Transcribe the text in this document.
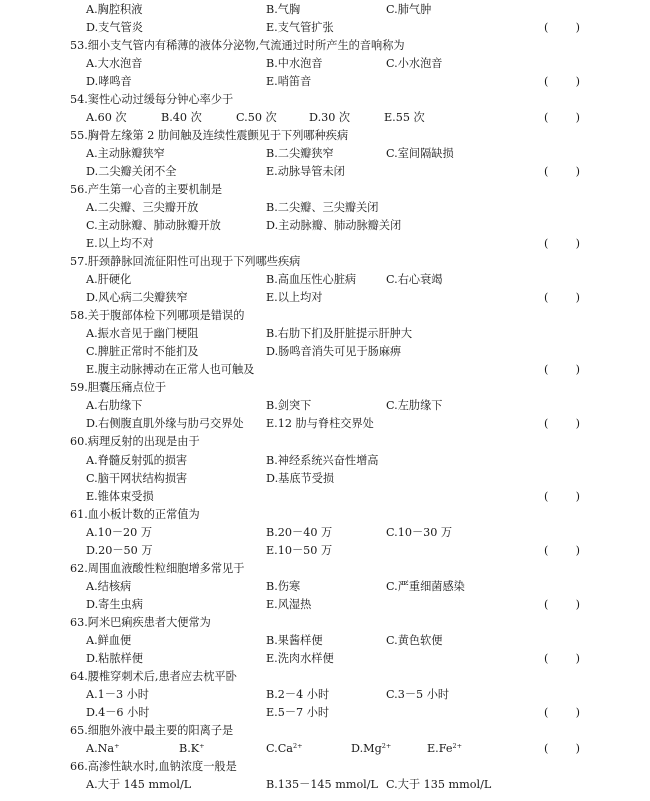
A.胸腔积液	B.气胸	C.肺气肿
D.支气管炎	E.支气管扩张	( )
53.细小支气管内有稀薄的液体分泌物,气流通过时所产生的音响称为
A.大水泡音	B.中水泡音	C.小水泡音
D.哮鸣音	E.哨笛音	( )
54.窦性心动过缓每分钟心率少于
A.60 次	B.40 次	C.50 次	D.30 次	E.55 次	( )
55.胸骨左缘第 2 肋间触及连续性震颤见于下列哪种疾病
A.主动脉瓣狭窄	B.二尖瓣狭窄	C.室间隔缺损
D.二尖瓣关闭不全	E.动脉导管未闭	( )
56.产生第一心音的主要机制是
A.二尖瓣、三尖瓣开放	B.二尖瓣、三尖瓣关闭
C.主动脉瓣、肺动脉瓣开放	D.主动脉瓣、肺动脉瓣关闭
E.以上均不对	( )
57.肝颈静脉回流征阳性可出现于下列哪些疾病
A.肝硬化	B.高血压性心脏病	C.右心衰竭
D.风心病二尖瓣狭窄	E.以上均对	( )
58.关于腹部体检下列哪项是错误的
A.振水音见于幽门梗阻	B.右肋下扪及肝脏提示肝肿大
C.脾脏正常时不能扪及	D.肠鸣音消失可见于肠麻痹
E.腹主动脉搏动在正常人也可触及	( )
59.胆囊压痛点位于
A.右肋缘下	B.剑突下	C.左肋缘下
D.右侧腹直肌外缘与肋弓交界处 E.12 肋与脊柱交界处	( )
60.病理反射的出现是由于
A.脊髓反射弧的损害	B.神经系统兴奋性增高
C.脑干网状结构损害	D.基底节受损
E.锥体束受损	( )
61.血小板计数的正常值为
A.10－20 万	B.20－40 万	C.10－30 万
D.20－50 万	E.10－50 万	( )
62.周围血液酸性粒细胞增多常见于
A.结核病	B.伤寒	C.严重细菌感染
D.寄生虫病	E.风湿热	( )
63.阿米巴痢疾患者大便常为
A.鲜血便	B.果酱样便	C.黄色软便
D.粘脓样便	E.洗肉水样便	( )
64.腰椎穿刺术后,患者应去枕平卧
A.1－3 小时	B.2－4 小时	C.3－5 小时
D.4－6 小时	E.5－7 小时	( )
65.细胞外液中最主要的阳离子是
A.Na+	B.K+	$C.Ca^{2+}$	$D.Mg^{2+}$	$E.Fe^{2+}$	( )
66.高渗性缺水时,血钠浓度一般是
A.大于 145 mmol/L	B.135－145 mmol/L C.大于 135 mmol/L
